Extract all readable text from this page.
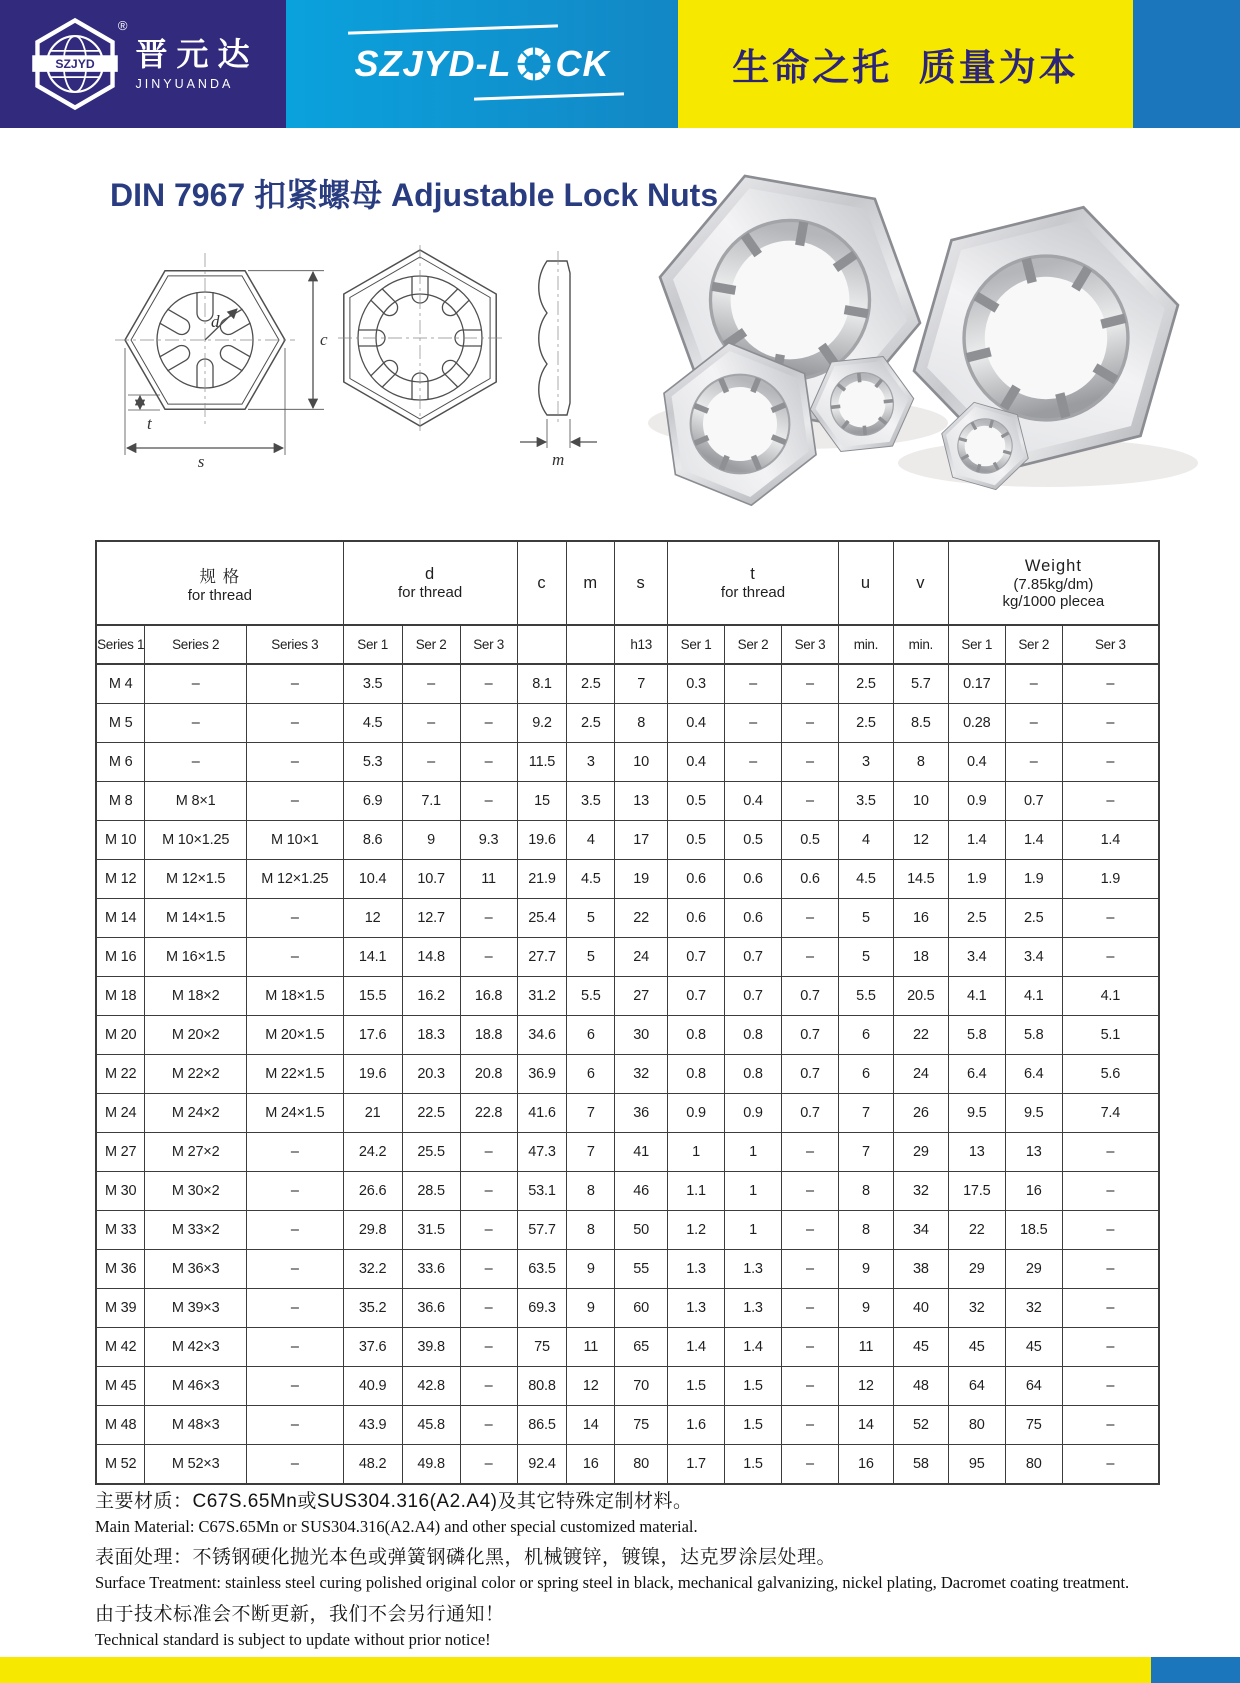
SZJYD
®
晋元达
JINYUANDA
SZJYD-L CK	生命之托  质量为本
DIN 7967 扣紧螺母 Adjustable Lock Nuts
d
c
t
s	m
规 格
for thread

d
for thread

c	m	s	t
for thread

u	v

Weight
(7.85kg/dm)
kg/1000 plecea

Series 1	Series 2	Series 3	Ser 1	Ser 2	Ser 3			h13	Ser 1	Ser 2	Ser 3	min.	min.	Ser 1	Ser 2	Ser 3
M 4	–	–	3.5	–	–	8.1	2.5	7	0.3	–	–	2.5	5.7	0.17	–	–
M 5	–	–	4.5	–	–	9.2	2.5	8	0.4	–	–	2.5	8.5	0.28	–	–
M 6	–	–	5.3	–	–	11.5	3	10	0.4	–	–	3	8	0.4	–	–
M 8	M 8×1	–	6.9	7.1	–	15	3.5	13	0.5	0.4	–	3.5	10	0.9	0.7	–
M 10	M 10×1.25	M 10×1	8.6	9	9.3	19.6	4	17	0.5	0.5	0.5	4	12	1.4	1.4	1.4
M 12	M 12×1.5	M 12×1.25	10.4	10.7	11	21.9	4.5	19	0.6	0.6	0.6	4.5	14.5	1.9	1.9	1.9
M 14	M 14×1.5	–	12	12.7	–	25.4	5	22	0.6	0.6	–	5	16	2.5	2.5	–
M 16	M 16×1.5	–	14.1	14.8	–	27.7	5	24	0.7	0.7	–	5	18	3.4	3.4	–
M 18	M 18×2	M 18×1.5	15.5	16.2	16.8	31.2	5.5	27	0.7	0.7	0.7	5.5	20.5	4.1	4.1	4.1
M 20	M 20×2	M 20×1.5	17.6	18.3	18.8	34.6	6	30	0.8	0.8	0.7	6	22	5.8	5.8	5.1
M 22	M 22×2	M 22×1.5	19.6	20.3	20.8	36.9	6	32	0.8	0.8	0.7	6	24	6.4	6.4	5.6
M 24	M 24×2	M 24×1.5	21	22.5	22.8	41.6	7	36	0.9	0.9	0.7	7	26	9.5	9.5	7.4
M 27	M 27×2	–	24.2	25.5	–	47.3	7	41	1	1	–	7	29	13	13	–
M 30	M 30×2	–	26.6	28.5	–	53.1	8	46	1.1	1	–	8	32	17.5	16	–
M 33	M 33×2	–	29.8	31.5	–	57.7	8	50	1.2	1	–	8	34	22	18.5	–
M 36	M 36×3	–	32.2	33.6	–	63.5	9	55	1.3	1.3	–	9	38	29	29	–
M 39	M 39×3	–	35.2	36.6	–	69.3	9	60	1.3	1.3	–	9	40	32	32	–
M 42	M 42×3	–	37.6	39.8	–	75	11	65	1.4	1.4	–	11	45	45	45	–
M 45	M 46×3	–	40.9	42.8	–	80.8	12	70	1.5	1.5	–	12	48	64	64	–
M 48	M 48×3	–	43.9	45.8	–	86.5	14	75	1.6	1.5	–	14	52	80	75	–
M 52	M 52×3	–	48.2	49.8	–	92.4	16	80	1.7	1.5	–	16	58	95	80	–
主要材质：C67S.65Mn或SUS304.316(A2.A4)及其它特殊定制材料。
Main Material: C67S.65Mn or SUS304.316(A2.A4) and other special customized material.
表面处理：不锈钢硬化抛光本色或弹簧钢磷化黑，机械镀锌，镀镍，达克罗涂层处理。
Surface Treatment: stainless steel curing polished original color or spring steel in black, mechanical galvanizing, nickel plating, Dacromet coating treatment.
由于技术标准会不断更新，我们不会另行通知！
Technical standard is subject to update without prior notice!
